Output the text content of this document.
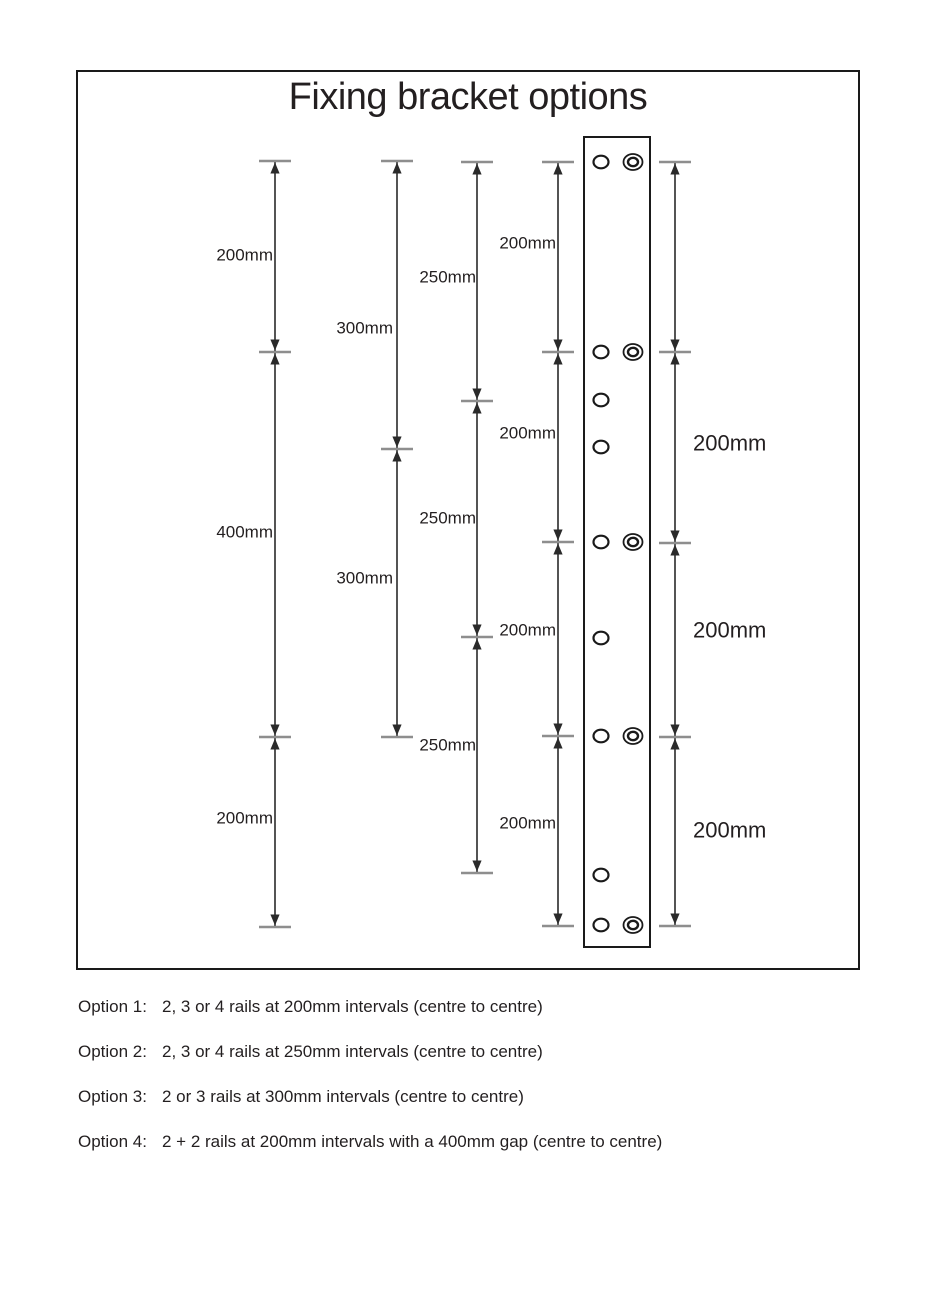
Fixing bracket options
200mm
400mm
200mm
300mm
300mm
250mm
250mm
250mm
200mm
200mm
200mm
200mm
200mm
200mm
200mm
Option 1: 2, 3 or 4 rails at 200mm intervals (centre to centre)
Option 2: 2, 3 or 4 rails at 250mm intervals (centre to centre)
Option 3: 2 or 3 rails at 300mm intervals (centre to centre)
Option 4: 2 + 2 rails at 200mm intervals with a 400mm gap (centre to centre)
